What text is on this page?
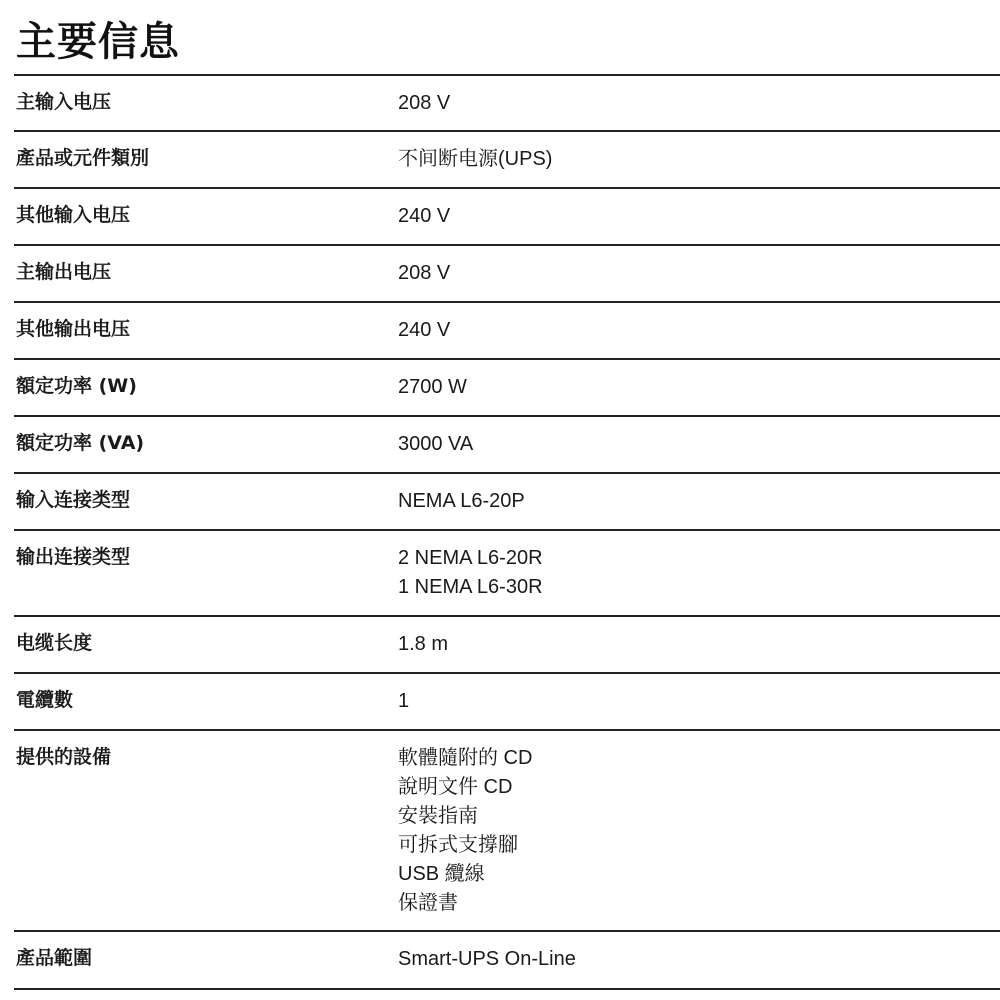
主要信息
主输入电压	208 V
產品或元件類別	不间断电源(UPS)
其他输入电压	240 V
主输出电压	208 V
其他输出电压	240 V
額定功率 (W)	2700 W
額定功率 (VA)	3000 VA
输入连接类型	NEMA L6-20P
输出连接类型	2 NEMA L6-20R
1 NEMA L6-30R
电缆长度	1.8 m
電纜數	1
提供的設備	軟體隨附的 CD
說明文件 CD
安裝指南
可拆式支撐腳
USB 纜線
保證書
產品範圍	Smart-UPS On-Line
